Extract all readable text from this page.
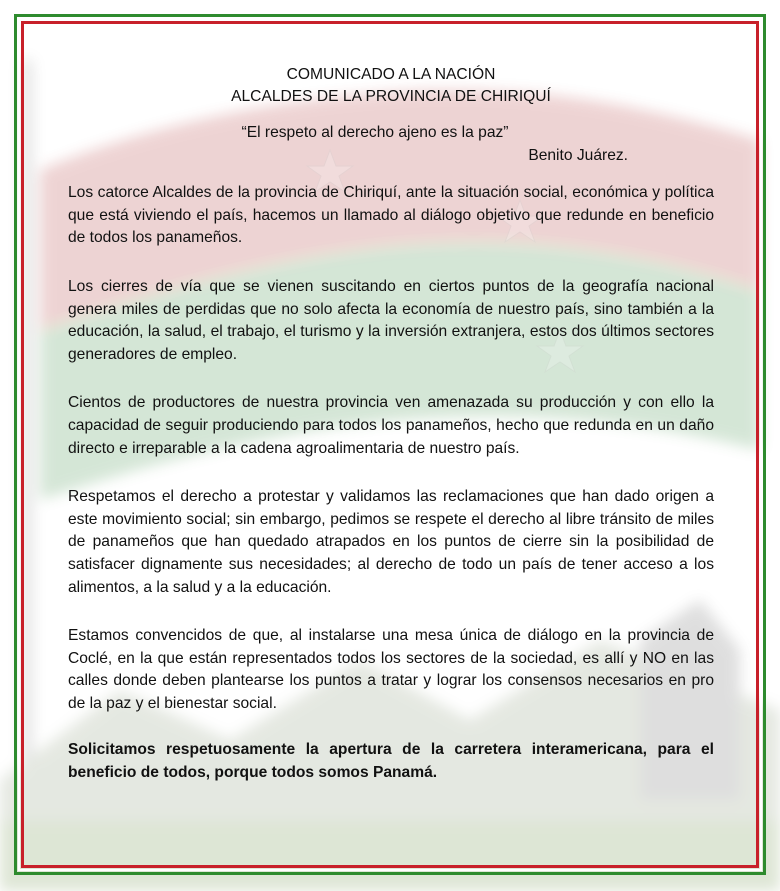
COMUNICADO A LA NACIÓN

ALCALDES DE LA PROVINCIA DE CHIRIQUÍ

“El respeto al derecho ajeno es la paz”
Benito Juárez.

Los catorce Alcaldes de la provincia de Chiriquí, ante la situación social, económica y política que está viviendo el país, hacemos un llamado al diálogo objetivo que redunde en beneficio de todos los panameños.

Los cierres de vía que se vienen suscitando en ciertos puntos de la geografía nacional genera miles de perdidas que no solo afecta la economía de nuestro país, sino también a la educación, la salud, el trabajo, el turismo y la inversión extranjera, estos dos últimos sectores generadores de empleo.

Cientos de productores de nuestra provincia ven amenazada su producción y con ello la capacidad de seguir produciendo para todos los panameños, hecho que redunda en un daño directo e irreparable a la cadena agroalimentaria de nuestro país.

Respetamos el derecho a protestar y validamos las reclamaciones que han dado origen a este movimiento social; sin embargo, pedimos se respete el derecho al libre tránsito de miles de panameños que han quedado atrapados en los puntos de cierre sin la posibilidad de satisfacer dignamente sus necesidades; al derecho de todo un país de tener acceso a los alimentos, a la salud y a la educación.

Estamos convencidos de que, al instalarse una mesa única de diálogo en la provincia de Coclé, en la que están representados todos los sectores de la sociedad, es allí y NO en las calles donde deben plantearse los puntos a tratar y lograr los consensos necesarios en pro de la paz y el bienestar social.

Solicitamos respetuosamente la apertura de la carretera interamericana, para el beneficio de todos, porque todos somos Panamá.
